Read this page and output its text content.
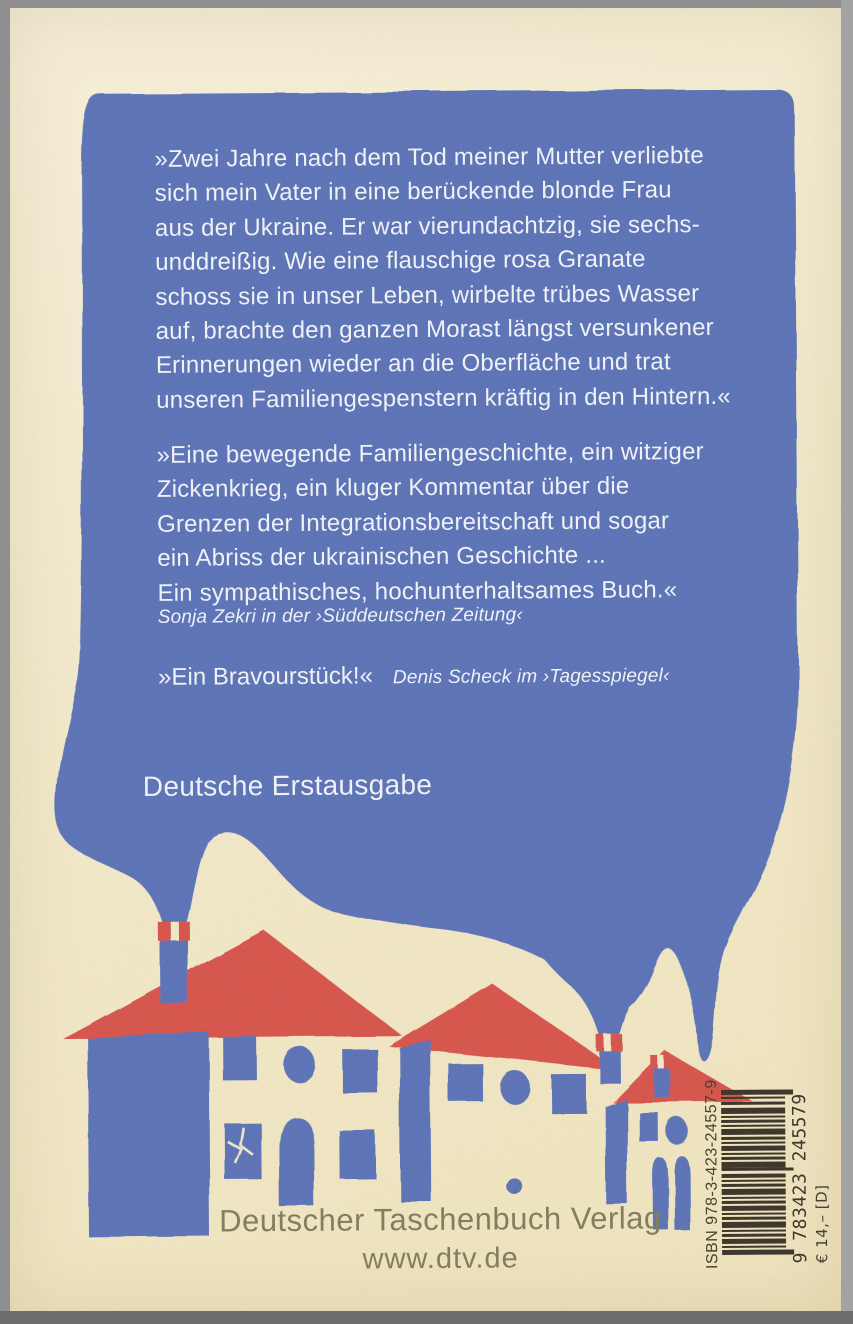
ISBN 978-3-423-24557-9	9 783423 245579 € 14,– [D]
»Zwei Jahre nach dem Tod meiner Mutter verliebte
sich mein Vater in eine berückende blonde Frau
aus der Ukraine. Er war vierundachtzig, sie sechs-
unddreißig. Wie eine flauschige rosa Granate
schoss sie in unser Leben, wirbelte trübes Wasser
auf, brachte den ganzen Morast längst versunkener
Erinnerungen wieder an die Oberfläche und trat
unseren Familiengespenstern kräftig in den Hintern.«
»Eine bewegende Familiengeschichte, ein witziger
Zickenkrieg, ein kluger Kommentar über die
Grenzen der Integrationsbereitschaft und sogar
ein Abriss der ukrainischen Geschichte ...
Ein sympathisches, hochunterhaltsames Buch.«
Sonja Zekri in der ›Süddeutschen Zeitung‹
»Ein Bravourstück!« Denis Scheck im ›Tagesspiegel‹
Deutsche Erstausgabe
Deutscher Taschenbuch Verlag
www.dtv.de
